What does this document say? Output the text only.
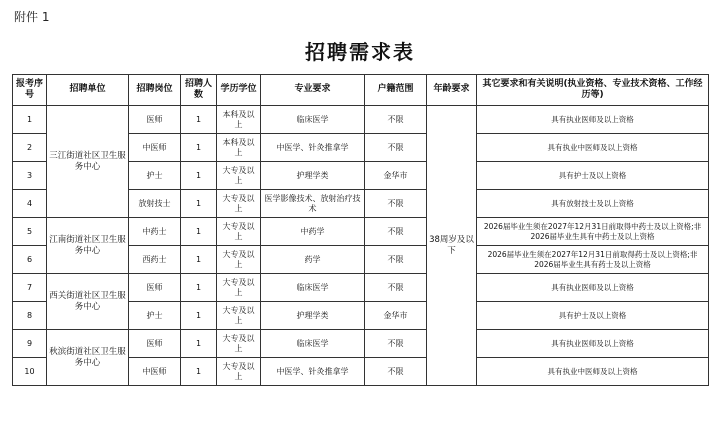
附件 1
招聘需求表
报考序号	招聘单位	招聘岗位	招聘人数	学历学位	专业要求	户籍范围	年龄要求	其它要求和有关说明(执业资格、专业技术资格、工作经历等)
1	三江街道社区卫生服务中心	医师	1	本科及以上	临床医学	不限	38周岁及以下	具有执业医师及以上资格
2		中医师	1	本科及以上	中医学、针灸推拿学	不限		具有执业中医师及以上资格
3		护士	1	大专及以上	护理学类	金华市		具有护士及以上资格
4		放射技士	1	大专及以上	医学影像技术、放射治疗技术	不限		具有放射技士及以上资格
5	江南街道社区卫生服务中心	中药士	1	大专及以上	中药学	不限		2026届毕业生须在2027年12月31日前取得中药士及以上资格;非2026届毕业生具有中药士及以上资格
6		西药士	1	大专及以上	药学	不限		2026届毕业生须在2027年12月31日前取得药士及以上资格;非2026届毕业生具有药士及以上资格
7	西关街道社区卫生服务中心	医师	1	大专及以上	临床医学	不限		具有执业医师及以上资格
8		护士	1	大专及以上	护理学类	金华市		具有护士及以上资格
9	秋滨街道社区卫生服务中心	医师	1	大专及以上	临床医学	不限		具有执业医师及以上资格
10		中医师	1	大专及以上	中医学、针灸推拿学	不限		具有执业中医师及以上资格
